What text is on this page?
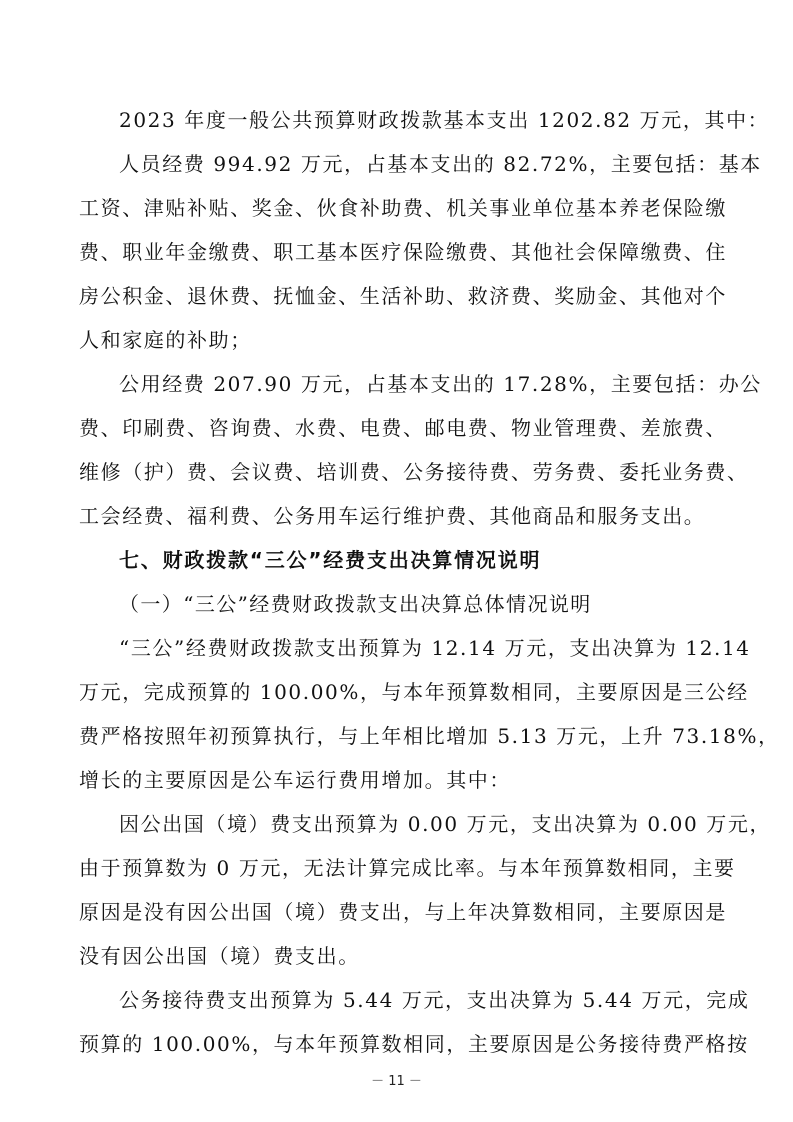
2023 年度一般公共预算财政拨款基本支出 1202.82 万元，其中：
人员经费 994.92 万元，占基本支出的 82.72%，主要包括：基本
工资、津贴补贴、奖金、伙食补助费、机关事业单位基本养老保险缴
费、职业年金缴费、职工基本医疗保险缴费、其他社会保障缴费、住
房公积金、退休费、抚恤金、生活补助、救济费、奖励金、其他对个
人和家庭的补助；
公用经费 207.90 万元，占基本支出的 17.28%，主要包括：办公
费、印刷费、咨询费、水费、电费、邮电费、物业管理费、差旅费、
维修（护）费、会议费、培训费、公务接待费、劳务费、委托业务费、
工会经费、福利费、公务用车运行维护费、其他商品和服务支出。
七、财政拨款“三公”经费支出决算情况说明
（一）“三公”经费财政拨款支出决算总体情况说明
“三公”经费财政拨款支出预算为 12.14 万元，支出决算为 12.14
万元，完成预算的 100.00%，与本年预算数相同，主要原因是三公经
费严格按照年初预算执行，与上年相比增加 5.13 万元，上升 73.18%，
增长的主要原因是公车运行费用增加。其中：
因公出国（境）费支出预算为 0.00 万元，支出决算为 0.00 万元，
由于预算数为 0 万元，无法计算完成比率。与本年预算数相同，主要
原因是没有因公出国（境）费支出，与上年决算数相同，主要原因是
没有因公出国（境）费支出。
公务接待费支出预算为 5.44 万元，支出决算为 5.44 万元，完成
预算的 100.00%，与本年预算数相同，主要原因是公务接待费严格按
－ 11 －
